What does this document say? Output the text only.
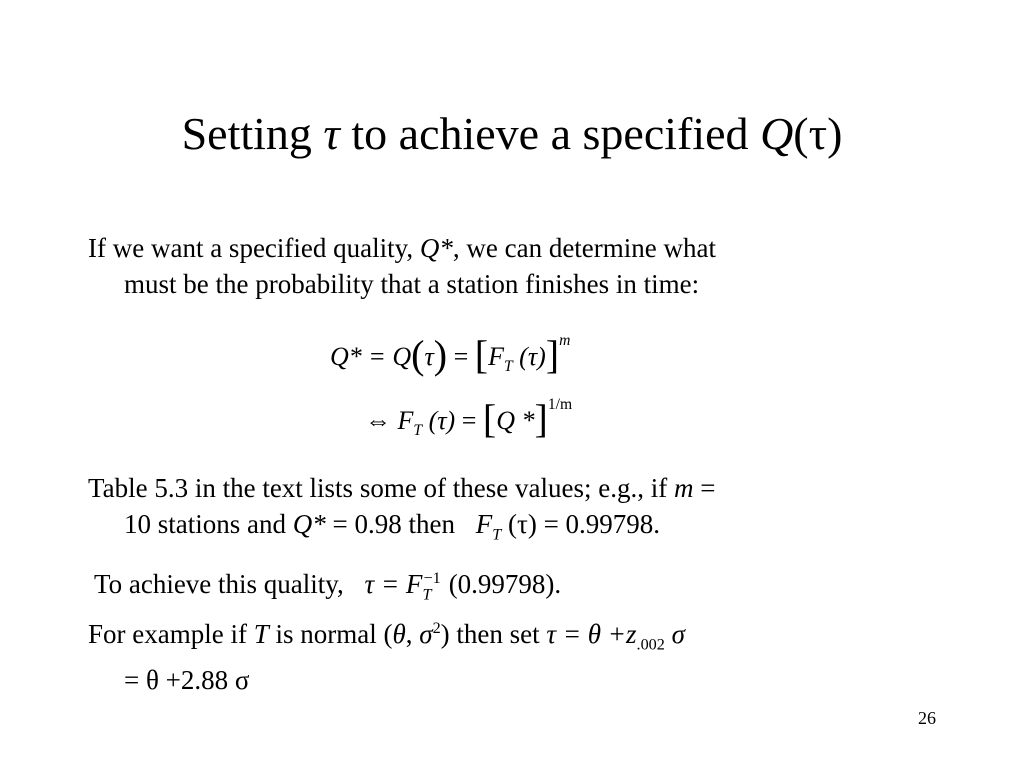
Setting τ to achieve a specified Q(τ)
If we want a specified quality, Q*, we can determine what
must be the probability that a station finishes in time:
$Q* = Q(\tau) = [F_T$ (τ)]$^m$
⇔ $F_T$ (τ) = [Q *]$^{1/m}$
Table 5.3 in the text lists some of these values; e.g., if m =
10 stations and Q* = 0.98 then $F_T$ (τ) = 0.99798.
To achieve this quality, $\tau = F_T^{-1}$ (0.99798).
For example if T is normal (θ, $\sigma^2$) then set $\tau = \theta +z_{.002}$ σ
= θ +2.88 σ
26
